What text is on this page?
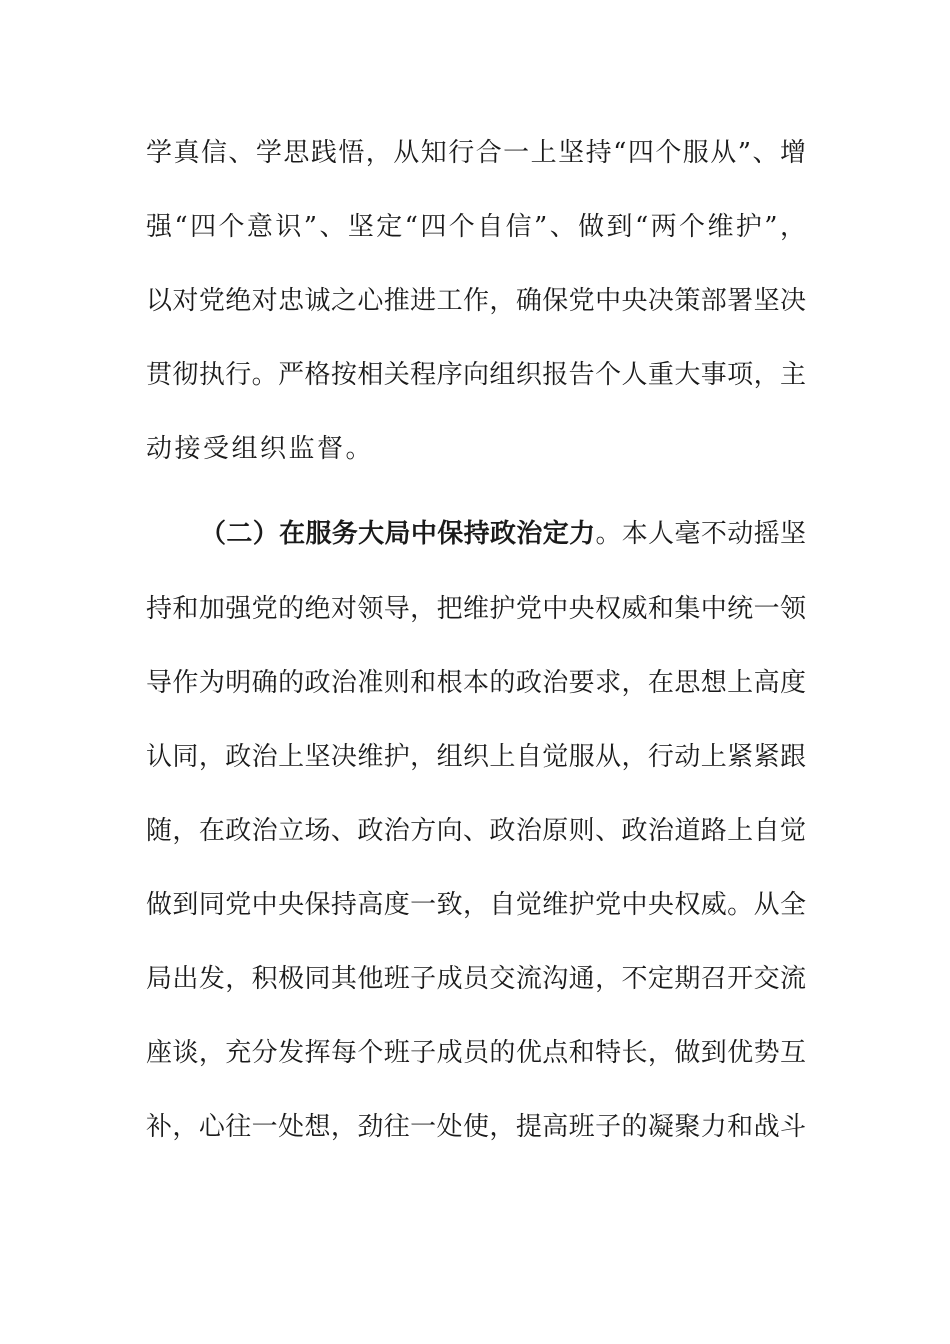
学真信、学思践悟，从知行合一上坚持“四个服从”、增
强“四个意识”、坚定“四个自信”、做到“两个维护”，
以对党绝对忠诚之心推进工作，确保党中央决策部署坚决
贯彻执行。严格按相关程序向组织报告个人重大事项，主
动接受组织监督。
（二）在服务大局中保持政治定力。本人毫不动摇坚
持和加强党的绝对领导，把维护党中央权威和集中统一领
导作为明确的政治准则和根本的政治要求，在思想上高度
认同，政治上坚决维护，组织上自觉服从，行动上紧紧跟
随，在政治立场、政治方向、政治原则、政治道路上自觉
做到同党中央保持高度一致，自觉维护党中央权威。从全
局出发，积极同其他班子成员交流沟通，不定期召开交流
座谈，充分发挥每个班子成员的优点和特长，做到优势互
补，心往一处想，劲往一处使，提高班子的凝聚力和战斗
